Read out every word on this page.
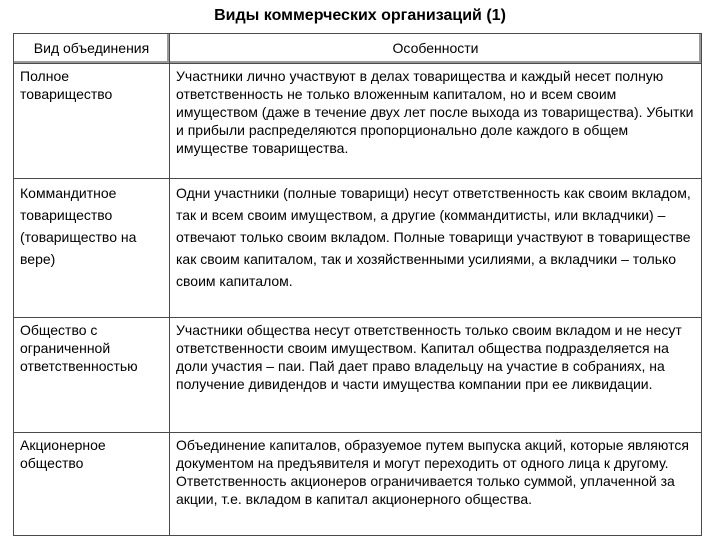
Виды коммерческих организаций (1)
Вид объединения	Особенности
Полное товарищество	Участники лично участвуют в делах товарищества и каждый несет полную ответственность не только вложенным капиталом, но и всем своим имуществом (даже в течение двух лет после выхода из товарищества). Убытки и прибыли распределяются пропорционально доле каждого в общем имуществе товарищества.
Коммандитное товарищество (товарищество на вере)	Одни участники (полные товарищи) несут ответственность как своим вкладом, так и всем своим имуществом, а другие (коммандитисты, или вкладчики) – отвечают только своим вкладом. Полные товарищи участвуют в товариществе как своим капиталом, так и хозяйственными усилиями, а вкладчики – только своим капиталом.
Общество с ограниченной ответственностью	Участники общества несут ответственность только своим вкладом и не несут ответственности своим имуществом. Капитал общества подразделяется на доли участия – паи. Пай дает право владельцу на участие в собраниях, на получение дивидендов и части имущества компании при ее ликвидации.
Акционерное общество	Объединение капиталов, образуемое путем выпуска акций, которые являются документом на предъявителя и могут переходить от одного лица к другому. Ответственность акционеров ограничивается только суммой, уплаченной за акции, т.е. вкладом в капитал акционерного общества.
